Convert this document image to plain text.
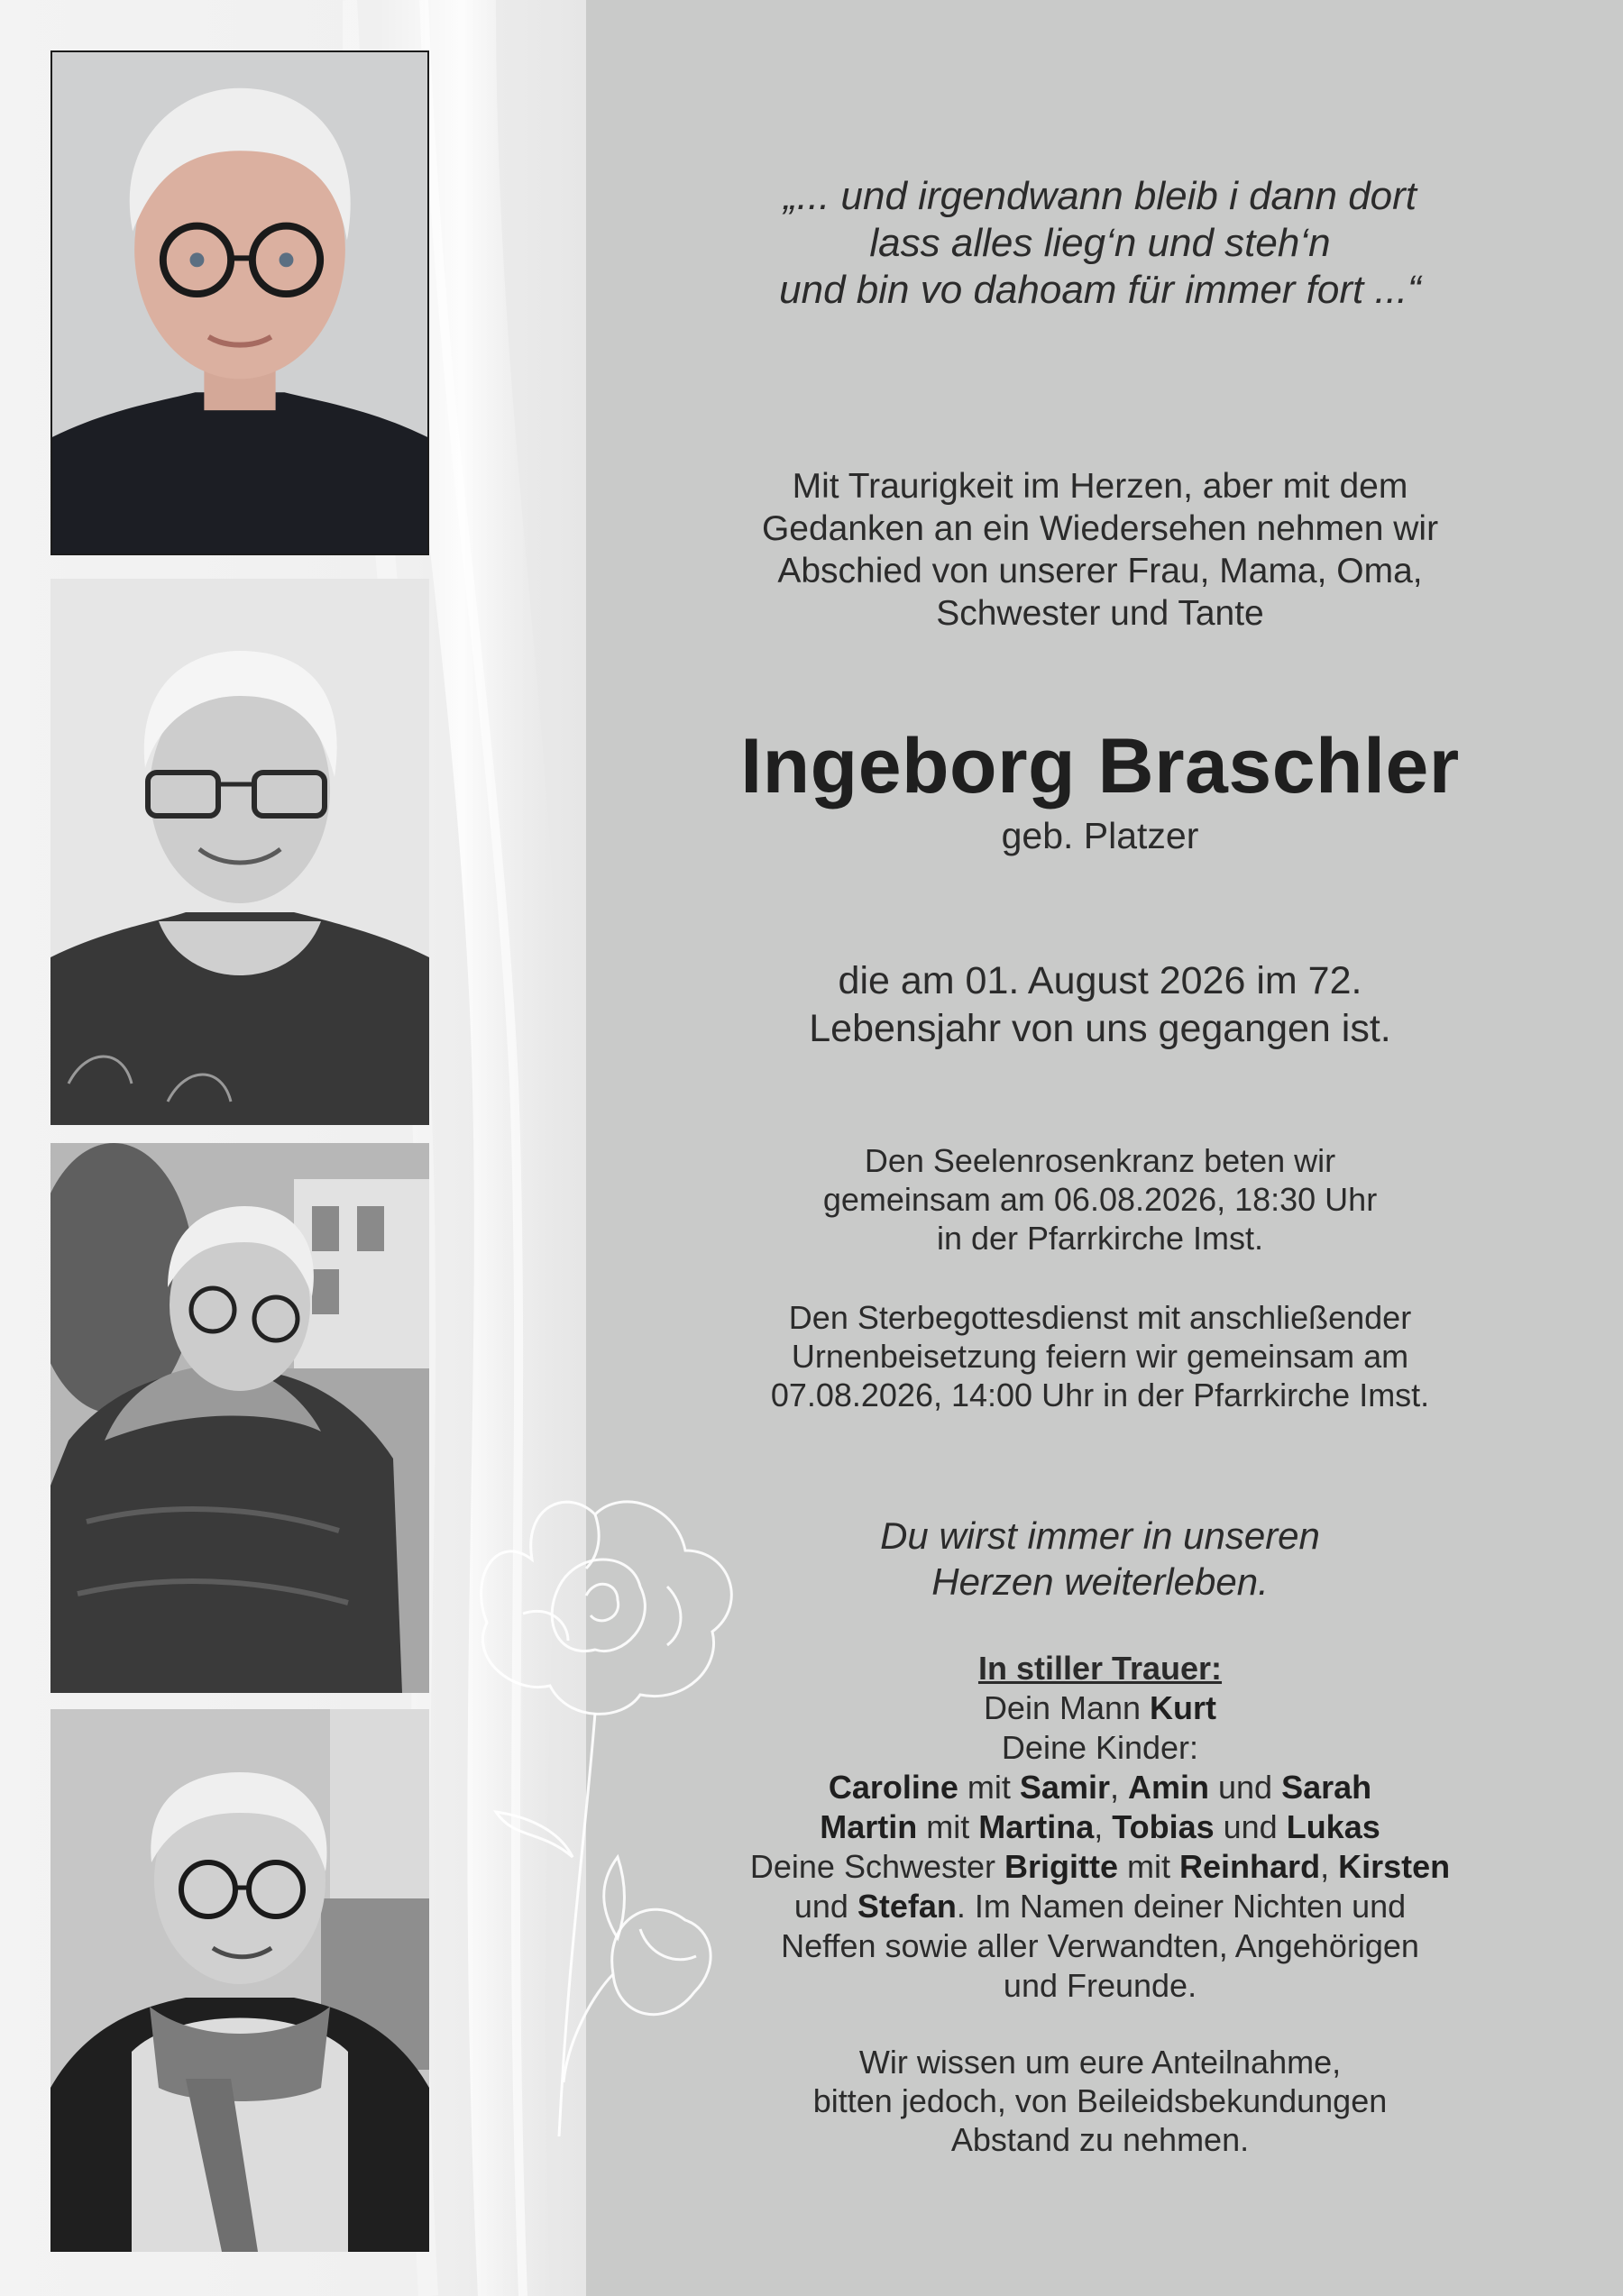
„... und irgendwann bleib i dann dort
lass alles lieg‘n und steh‘n
und bin vo dahoam für immer fort ...“
Mit Traurigkeit im Herzen, aber mit dem
Gedanken an ein Wiedersehen nehmen wir
Abschied von unserer Frau, Mama, Oma,
Schwester und Tante
Ingeborg Braschler
geb. Platzer
die am 01. August 2026 im 72.
Lebensjahr von uns gegangen ist.
Den Seelenrosenkranz beten wir
gemeinsam am 06.08.2026, 18:30 Uhr
in der Pfarrkirche Imst.
Den Sterbegottesdienst mit anschließender
Urnenbeisetzung feiern wir gemeinsam am
07.08.2026, 14:00 Uhr in der Pfarrkirche Imst.
Du wirst immer in unseren
Herzen weiterleben.
In stiller Trauer:
Dein Mann Kurt
Deine Kinder:
Caroline mit Samir, Amin und Sarah
Martin mit Martina, Tobias und Lukas
Deine Schwester Brigitte mit Reinhard, Kirsten
und Stefan. Im Namen deiner Nichten und
Neffen sowie aller Verwandten, Angehörigen
und Freunde.
Wir wissen um eure Anteilnahme,
bitten jedoch, von Beileidsbekundungen
Abstand zu nehmen.
